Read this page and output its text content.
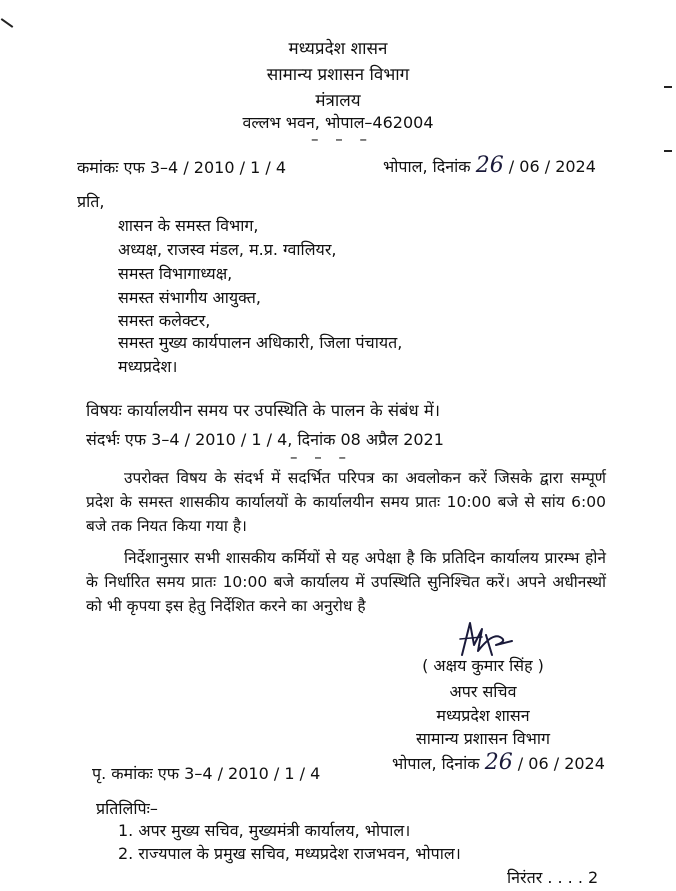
मध्यप्रदेश शासन
सामान्य प्रशासन विभाग
मंत्रालय
वल्लभ भवन, भोपाल–462004
– – –
कमांकः एफ 3–4 / 2010 / 1 / 4	भोपाल, दिनांक 26 / 06 / 2024
प्रति,
शासन के समस्त विभाग,
अध्यक्ष, राजस्व मंडल, म.प्र. ग्वालियर,
समस्त विभागाध्यक्ष,
समस्त संभागीय आयुक्त,
समस्त कलेक्टर,
समस्त मुख्य कार्यपालन अधिकारी, जिला पंचायत,
मध्यप्रदेश।
विषयः कार्यालयीन समय पर उपस्थिति के पालन के संबंध में।
संदर्भः एफ 3–4 / 2010 / 1 / 4, दिनांक 08 अप्रैल 2021
– – –
उपरोक्त विषय के संदर्भ में सदर्भित परिपत्र का अवलोकन करें जिसके द्वारा सम्पूर्ण प्रदेश के समस्त शासकीय कार्यालयों के कार्यालयीन समय प्रातः 10:00 बजे से सांय 6:00 बजे तक नियत किया गया है।
निर्देशानुसार सभी शासकीय कर्मियों से यह अपेक्षा है कि प्रतिदिन कार्यालय प्रारम्भ होने के निर्धारित समय प्रातः 10:00 बजे कार्यालय में उपस्थिति सुनिश्चित करें। अपने अधीनस्थों को भी कृपया इस हेतु निर्देशित करने का अनुरोध है
( अक्षय कुमार सिंह )
अपर सचिव
मध्यप्रदेश शासन
सामान्य प्रशासन विभाग
पृ. कमांकः एफ 3–4 / 2010 / 1 / 4
भोपाल, दिनांक 26 / 06 / 2024
प्रतिलिपिः–
1. अपर मुख्य सचिव, मुख्यमंत्री कार्यालय, भोपाल।
2. राज्यपाल के प्रमुख सचिव, मध्यप्रदेश राजभवन, भोपाल।
निरंतर . . . . 2
